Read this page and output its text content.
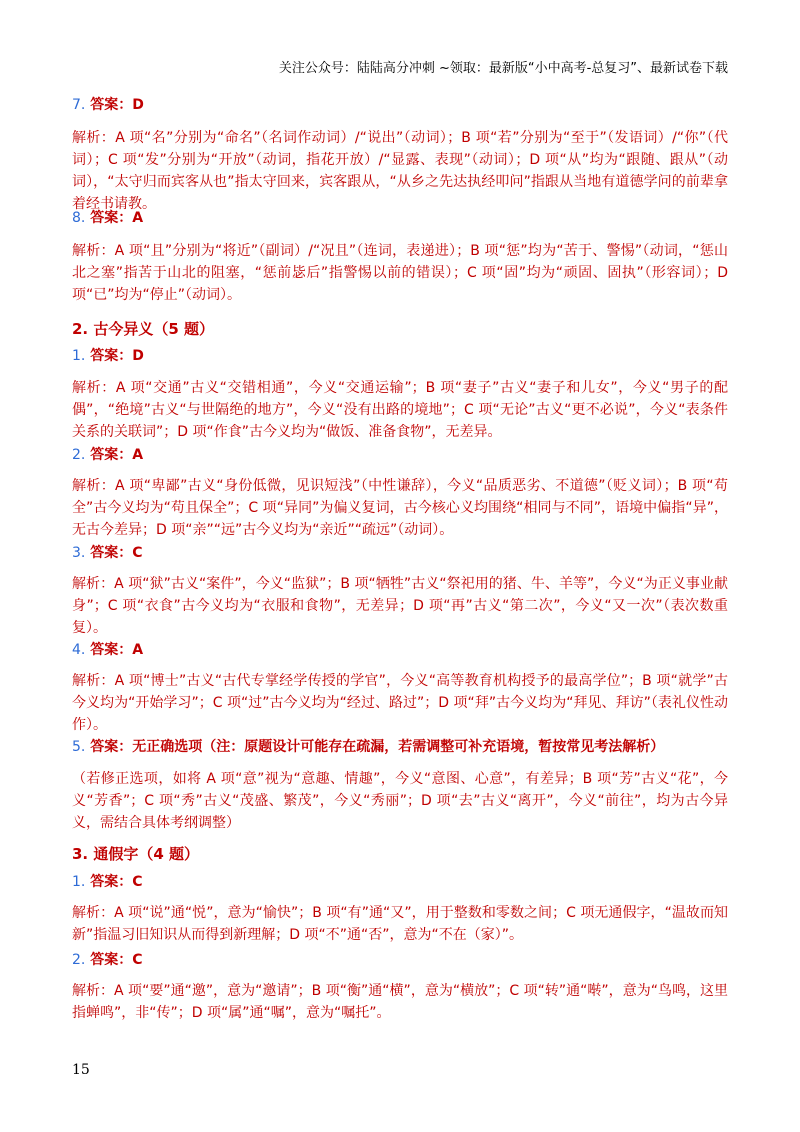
关注公众号：陆陆高分冲刺 ~领取：最新版“小中高考-总复习”、最新试卷下载
7. 答案：D
解析：A 项“名”分别为“命名”（名词作动词）/“说出”（动词）；B 项“若”分别为“至于”（发语词）/“你”（代词）；C 项“发”分别为“开放”（动词，指花开放）/“显露、表现”（动词）；D 项“从”均为“跟随、跟从”（动词），“太守归而宾客从也”指太守回来，宾客跟从，“从乡之先达执经叩问”指跟从当地有道德学问的前辈拿着经书请教。
8. 答案：A
解析：A 项“且”分别为“将近”（副词）/“况且”（连词，表递进）；B 项“惩”均为“苦于、警惕”（动词，“惩山北之塞”指苦于山北的阻塞，“惩前毖后”指警惕以前的错误）；C 项“固”均为“顽固、固执”（形容词）；D 项“已”均为“停止”（动词）。
2. 古今异义（5 题）
1. 答案：D
解析：A 项“交通”古义“交错相通”，今义“交通运输”；B 项“妻子”古义“妻子和儿女”，今义“男子的配偶”，“绝境”古义“与世隔绝的地方”，今义“没有出路的境地”；C 项“无论”古义“更不必说”，今义“表条件关系的关联词”；D 项“作食”古今义均为“做饭、准备食物”，无差异。
2. 答案：A
解析：A 项“卑鄙”古义“身份低微，见识短浅”（中性谦辞），今义“品质恶劣、不道德”（贬义词）；B 项“苟全”古今义均为“苟且保全”；C 项“异同”为偏义复词，古今核心义均围绕“相同与不同”，语境中偏指“异”，无古今差异；D 项“亲”“远”古今义均为“亲近”“疏远”（动词）。
3. 答案：C
解析：A 项“狱”古义“案件”，今义“监狱”；B 项“牺牲”古义“祭祀用的猪、牛、羊等”，今义“为正义事业献身”；C 项“衣食”古今义均为“衣服和食物”，无差异；D 项“再”古义“第二次”，今义“又一次”（表次数重复）。
4. 答案：A
解析：A 项“博士”古义“古代专掌经学传授的学官”，今义“高等教育机构授予的最高学位”；B 项“就学”古今义均为“开始学习”；C 项“过”古今义均为“经过、路过”；D 项“拜”古今义均为“拜见、拜访”（表礼仪性动作）。
5. 答案：无正确选项（注：原题设计可能存在疏漏，若需调整可补充语境，暂按常见考法解析）
（若修正选项，如将 A 项“意”视为“意趣、情趣”，今义“意图、心意”，有差异；B 项“芳”古义“花”，今义“芳香”；C 项“秀”古义“茂盛、繁茂”，今义“秀丽”；D 项“去”古义“离开”，今义“前往”，均为古今异义，需结合具体考纲调整）
3. 通假字（4 题）
1. 答案：C
解析：A 项“说”通“悦”，意为“愉快”；B 项“有”通“又”，用于整数和零数之间；C 项无通假字，“温故而知新”指温习旧知识从而得到新理解；D 项“不”通“否”，意为“不在（家）”。
2. 答案：C
解析：A 项“要”通“邀”，意为“邀请”；B 项“衡”通“横”，意为“横放”；C 项“转”通“啭”，意为“鸟鸣，这里指蝉鸣”，非“传”；D 项“属”通“嘱”，意为“嘱托”。
15
